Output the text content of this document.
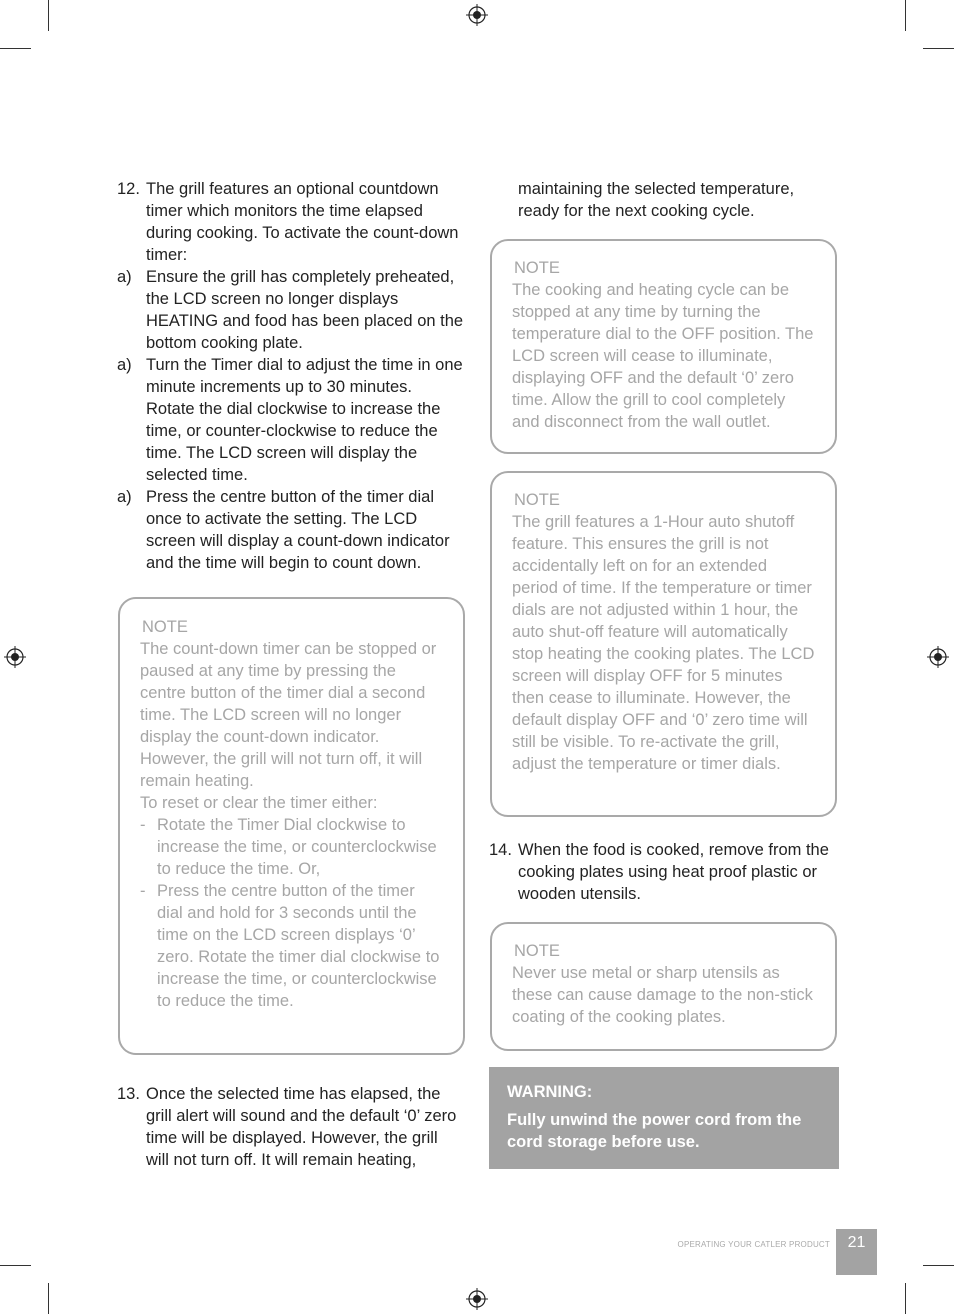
12. The grill features an optional countdown timer which monitors the time elapsed during cooking. To activate the count-down timer:
a) Ensure the grill has completely preheated, the LCD screen no longer displays HEATING and food has been placed on the bottom cooking plate.
a) Turn the Timer dial to adjust the time in one minute increments up to 30 minutes. Rotate the dial clockwise to increase the time, or counter-clockwise to reduce the time. The LCD screen will display the selected time.
a) Press the centre button of the timer dial once to activate the setting. The LCD screen will display a count-down indicator and the time will begin to count down.
NOTE
The count-down timer can be stopped or paused at any time by pressing the centre button of the timer dial a second time. The LCD screen will no longer display the count-down indicator. However, the grill will not turn off, it will remain heating.
To reset or clear the timer either:
- Rotate the Timer Dial clockwise to increase the time, or counterclockwise to reduce the time. Or,
- Press the centre button of the timer dial and hold for 3 seconds until the time on the LCD screen displays ‘0’ zero. Rotate the timer dial clockwise to increase the time, or counterclockwise to reduce the time.
13. Once the selected time has elapsed, the grill alert will sound and the default ‘0’ zero time will be displayed. However, the grill will not turn off. It will remain heating,
maintaining the selected temperature, ready for the next cooking cycle.
NOTE
The cooking and heating cycle can be stopped at any time by turning the temperature dial to the OFF position. The LCD screen will cease to illuminate, displaying OFF and the default ‘0’ zero time. Allow the grill to cool completely and disconnect from the wall outlet.
NOTE
The grill features a 1-Hour auto shutoff feature. This ensures the grill is not accidentally left on for an extended period of time. If the temperature or timer dials are not adjusted within 1 hour, the auto shut-off feature will automatically stop heating the cooking plates. The LCD screen will display OFF for 5 minutes then cease to illuminate. However, the default display OFF and ‘0’ zero time will still be visible. To re-activate the grill, adjust the temperature or timer dials.
14. When the food is cooked, remove from the cooking plates using heat proof plastic or wooden utensils.
NOTE
Never use metal or sharp utensils as these can cause damage to the non-stick coating of the cooking plates.
WARNING:
Fully unwind the power cord from the cord storage before use.
OPERATING YOUR CATLER PRODUCT	21
